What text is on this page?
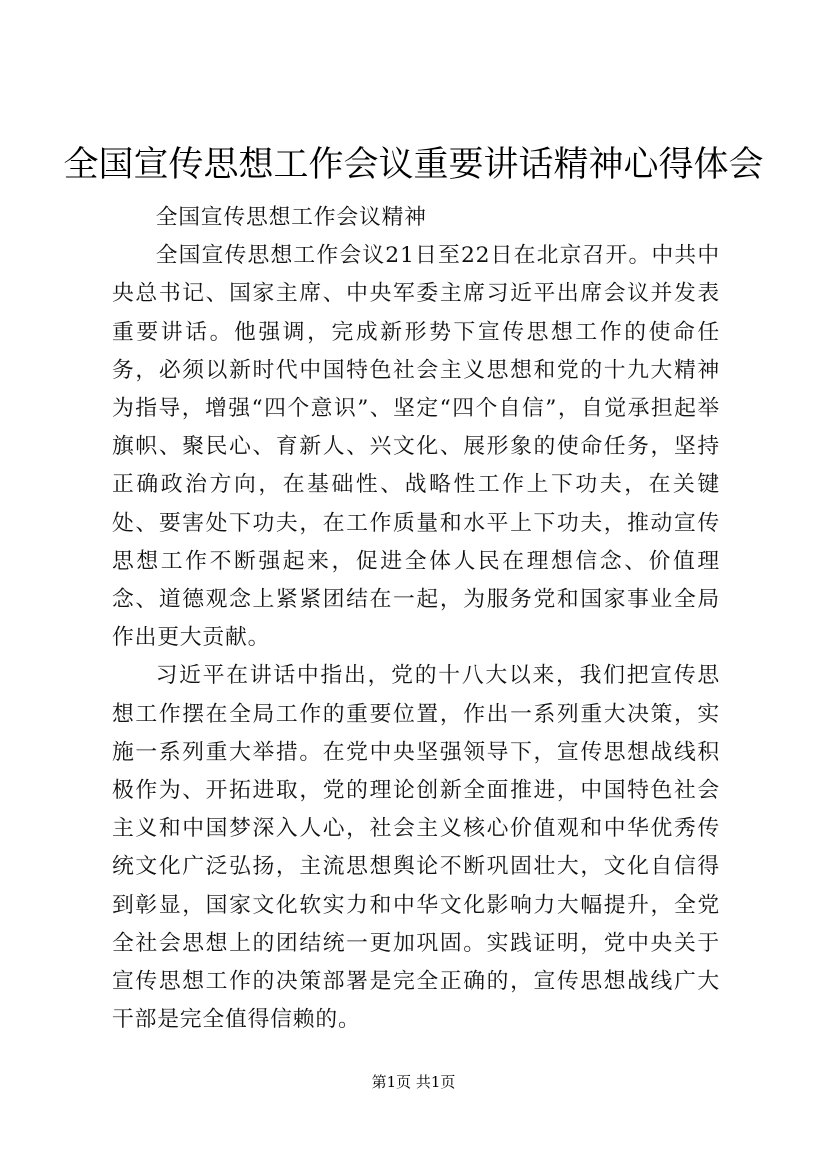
全国宣传思想工作会议重要讲话精神心得体会

全国宣传思想工作会议精神

全国宣传思想工作会议21日至22日在北京召开。中共中央总书记、国家主席、中央军委主席习近平出席会议并发表重要讲话。他强调，完成新形势下宣传思想工作的使命任务，必须以新时代中国特色社会主义思想和党的十九大精神为指导，增强“四个意识”、坚定“四个自信”，自觉承担起举旗帜、聚民心、育新人、兴文化、展形象的使命任务，坚持正确政治方向，在基础性、战略性工作上下功夫，在关键处、要害处下功夫，在工作质量和水平上下功夫，推动宣传思想工作不断强起来，促进全体人民在理想信念、价值理念、道德观念上紧紧团结在一起，为服务党和国家事业全局作出更大贡献。

习近平在讲话中指出，党的十八大以来，我们把宣传思想工作摆在全局工作的重要位置，作出一系列重大决策，实施一系列重大举措。在党中央坚强领导下，宣传思想战线积极作为、开拓进取，党的理论创新全面推进，中国特色社会主义和中国梦深入人心，社会主义核心价值观和中华优秀传统文化广泛弘扬，主流思想舆论不断巩固壮大，文化自信得到彰显，国家文化软实力和中华文化影响力大幅提升，全党全社会思想上的团结统一更加巩固。实践证明，党中央关于宣传思想工作的决策部署是完全正确的，宣传思想战线广大干部是完全值得信赖的。

第1页 共1页
